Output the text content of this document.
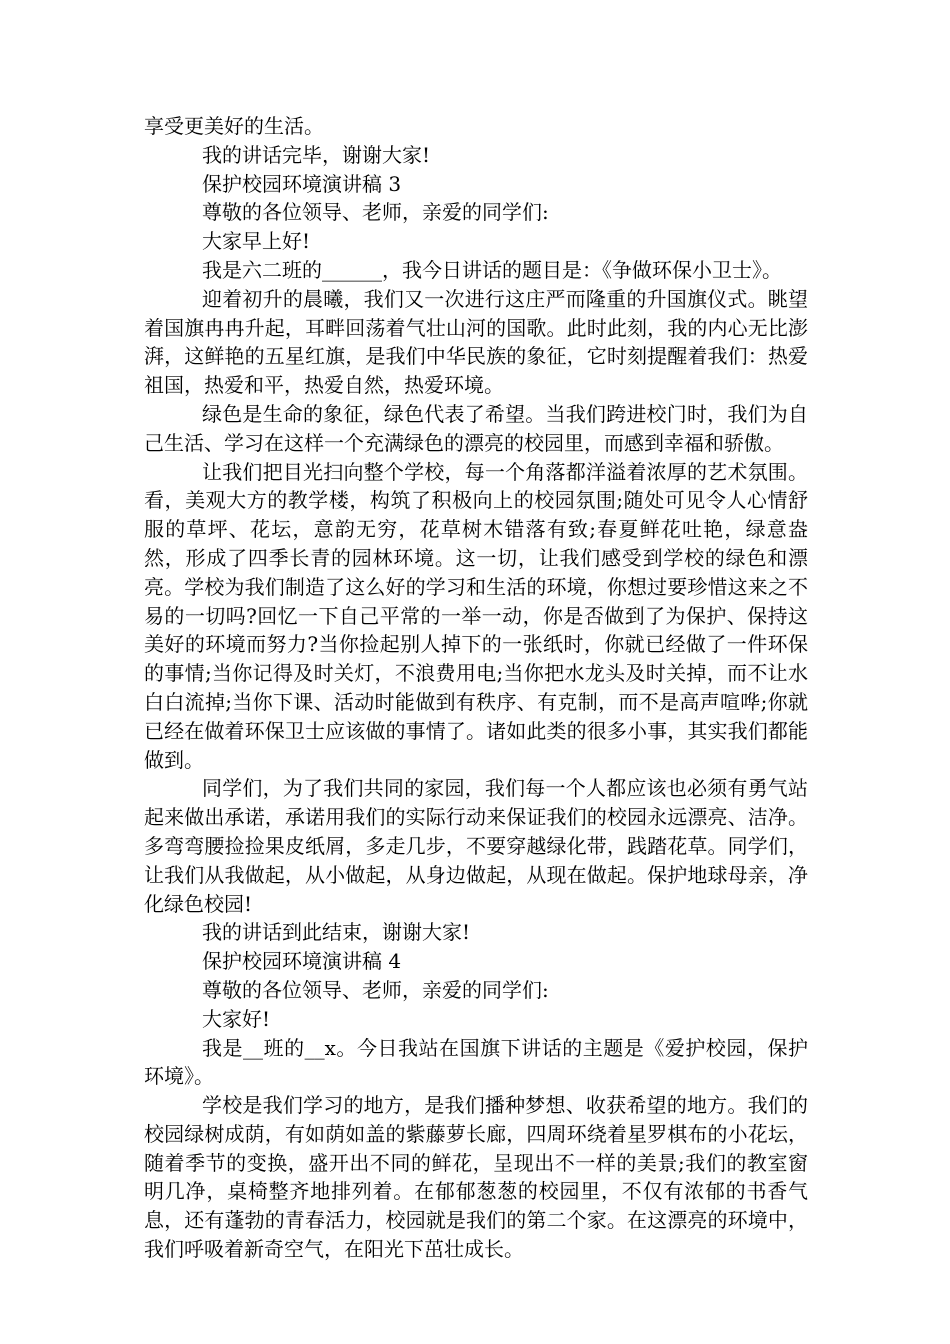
享受更美好的生活。

我的讲话完毕，谢谢大家!

保护校园环境演讲稿 3

尊敬的各位领导、老师，亲爱的同学们:

大家早上好!

我是六二班的______，我今日讲话的题目是：《争做环保小卫士》。

迎着初升的晨曦，我们又一次进行这庄严而隆重的升国旗仪式。眺望着国旗冉冉升起，耳畔回荡着气壮山河的国歌。此时此刻，我的内心无比澎湃，这鲜艳的五星红旗，是我们中华民族的象征，它时刻提醒着我们：热爱祖国，热爱和平，热爱自然，热爱环境。

绿色是生命的象征，绿色代表了希望。当我们跨进校门时，我们为自己生活、学习在这样一个充满绿色的漂亮的校园里，而感到幸福和骄傲。

让我们把目光扫向整个学校，每一个角落都洋溢着浓厚的艺术氛围。看，美观大方的教学楼，构筑了积极向上的校园氛围;随处可见令人心情舒服的草坪、花坛，意韵无穷，花草树木错落有致;春夏鲜花吐艳，绿意盎然，形成了四季长青的园林环境。这一切，让我们感受到学校的绿色和漂亮。学校为我们制造了这么好的学习和生活的环境，你想过要珍惜这来之不易的一切吗?回忆一下自己平常的一举一动，你是否做到了为保护、保持这美好的环境而努力?当你捡起别人掉下的一张纸时，你就已经做了一件环保的事情;当你记得及时关灯，不浪费用电;当你把水龙头及时关掉，而不让水白白流掉;当你下课、活动时能做到有秩序、有克制，而不是高声喧哗;你就已经在做着环保卫士应该做的事情了。诸如此类的很多小事，其实我们都能做到。

同学们，为了我们共同的家园，我们每一个人都应该也必须有勇气站起来做出承诺，承诺用我们的实际行动来保证我们的校园永远漂亮、洁净。多弯弯腰捡捡果皮纸屑，多走几步，不要穿越绿化带，践踏花草。同学们，让我们从我做起，从小做起，从身边做起，从现在做起。保护地球母亲，净化绿色校园!

我的讲话到此结束，谢谢大家!

保护校园环境演讲稿 4

尊敬的各位领导、老师，亲爱的同学们:

大家好!

我是__班的__x。今日我站在国旗下讲话的主题是《爱护校园，保护环境》。

学校是我们学习的地方，是我们播种梦想、收获希望的地方。我们的校园绿树成荫，有如荫如盖的紫藤萝长廊，四周环绕着星罗棋布的小花坛，随着季节的变换，盛开出不同的鲜花，呈现出不一样的美景;我们的教室窗明几净，桌椅整齐地排列着。在郁郁葱葱的校园里，不仅有浓郁的书香气息，还有蓬勃的青春活力，校园就是我们的第二个家。在这漂亮的环境中，我们呼吸着新奇空气，在阳光下茁壮成长。
